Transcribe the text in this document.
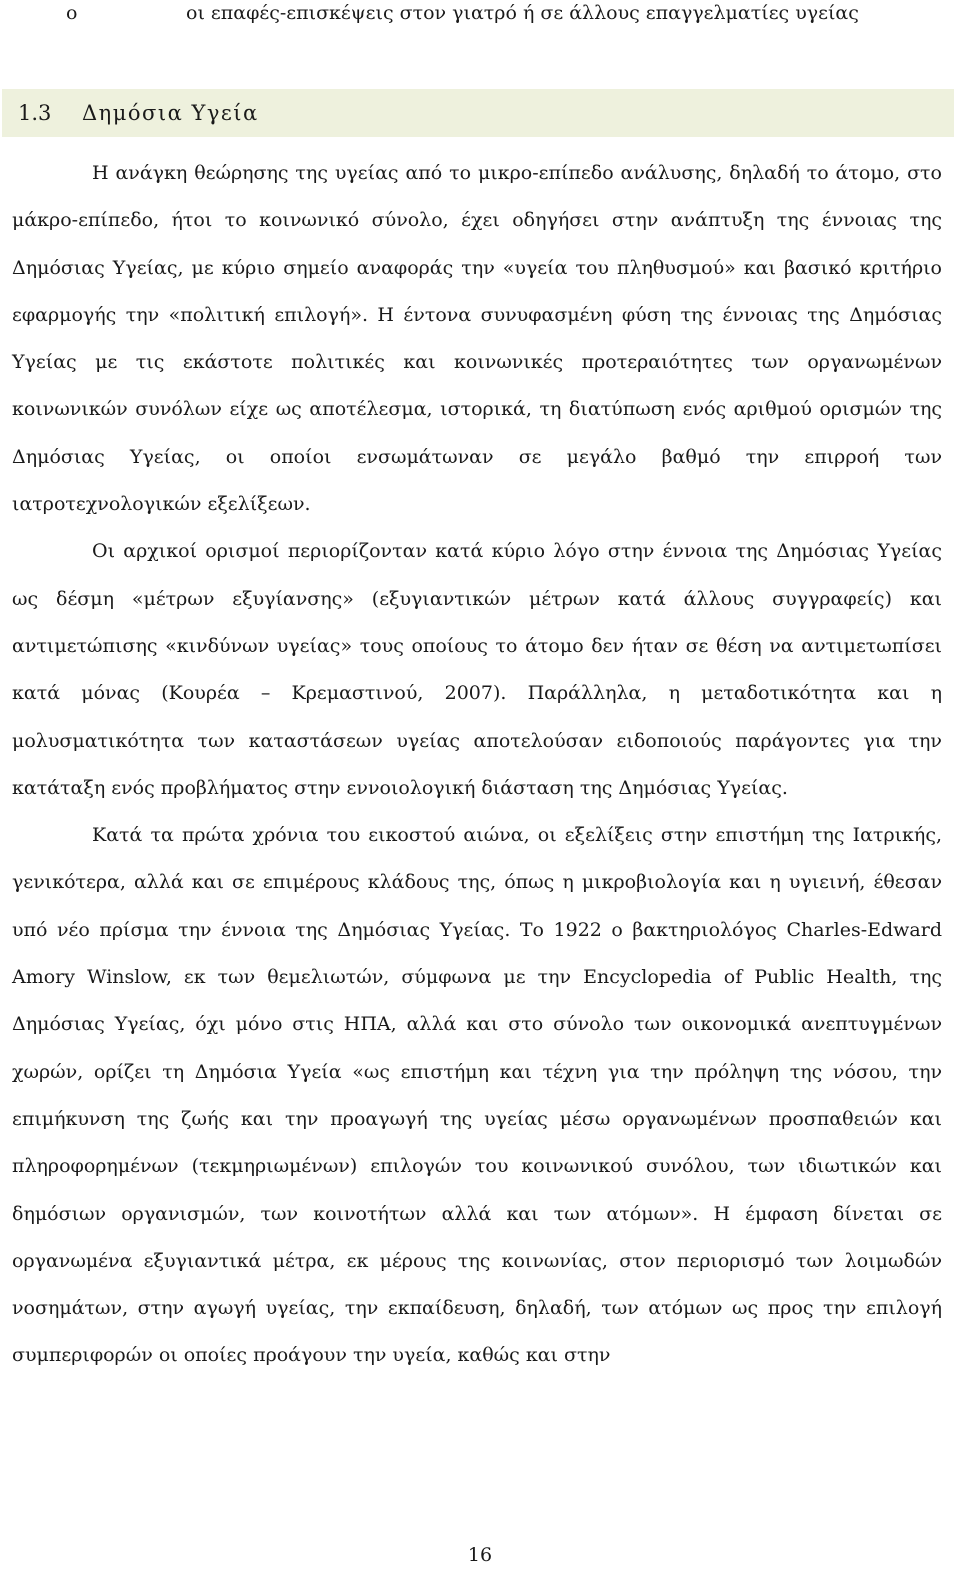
o	οι επαφές-επισκέψεις στον γιατρό ή σε άλλους επαγγελματίες υγείας
1.3 Δημόσια Υγεία

Η ανάγκη θεώρησης της υγείας από το μικρο-επίπεδο ανάλυσης, δηλαδή το άτομο, στο μάκρο-επίπεδο, ήτοι το κοινωνικό σύνολο, έχει οδηγήσει στην ανάπτυξη της έννοιας της Δημόσιας Υγείας, με κύριο σημείο αναφοράς την «υγεία του πληθυσμού» και βασικό κριτήριο εφαρμογής την «πολιτική επιλογή». Η έντονα συνυφασμένη φύση της έννοιας της Δημόσιας Υγείας με τις εκάστοτε πολιτικές και κοινωνικές προτεραιότητες των οργανωμένων κοινωνικών συνόλων είχε ως αποτέλεσμα, ιστορικά, τη διατύπωση ενός αριθμού ορισμών της Δημόσιας Υγείας, οι οποίοι ενσωμάτωναν σε μεγάλο βαθμό την επιρροή των ιατροτεχνολογικών εξελίξεων.

Οι αρχικοί ορισμοί περιορίζονταν κατά κύριο λόγο στην έννοια της Δημόσιας Υγείας ως δέσμη «μέτρων εξυγίανσης» (εξυγιαντικών μέτρων κατά άλλους συγγραφείς) και αντιμετώπισης «κινδύνων υγείας» τους οποίους το άτομο δεν ήταν σε θέση να αντιμετωπίσει κατά μόνας (Κουρέα – Κρεμαστινού, 2007). Παράλληλα, η μεταδοτικότητα και η μολυσματικότητα των καταστάσεων υγείας αποτελούσαν ειδοποιούς παράγοντες για την κατάταξη ενός προβλήματος στην εννοιολογική διάσταση της Δημόσιας Υγείας.

Κατά τα πρώτα χρόνια του εικοστού αιώνα, οι εξελίξεις στην επιστήμη της Ιατρικής, γενικότερα, αλλά και σε επιμέρους κλάδους της, όπως η μικροβιολογία και η υγιεινή, έθεσαν υπό νέο πρίσμα την έννοια της Δημόσιας Υγείας. Το 1922 ο βακτηριολόγος Charles-Edward Amory Winslow, εκ των θεμελιωτών, σύμφωνα με την Encyclopedia of Public Health, της Δημόσιας Υγείας, όχι μόνο στις ΗΠΑ, αλλά και στο σύνολο των οικονομικά ανεπτυγμένων χωρών, ορίζει τη Δημόσια Υγεία «ως επιστήμη και τέχνη για την πρόληψη της νόσου, την επιμήκυνση της ζωής και την προαγωγή της υγείας μέσω οργανωμένων προσπαθειών και πληροφορημένων (τεκμηριωμένων) επιλογών του κοινωνικού συνόλου, των ιδιωτικών και δημόσιων οργανισμών, των κοινοτήτων αλλά και των ατόμων». Η έμφαση δίνεται σε οργανωμένα εξυγιαντικά μέτρα, εκ μέρους της κοινωνίας, στον περιορισμό των λοιμωδών νοσημάτων, στην αγωγή υγείας, την εκπαίδευση, δηλαδή, των ατόμων ως προς την επιλογή συμπεριφορών οι οποίες προάγουν την υγεία, καθώς και στην

16
